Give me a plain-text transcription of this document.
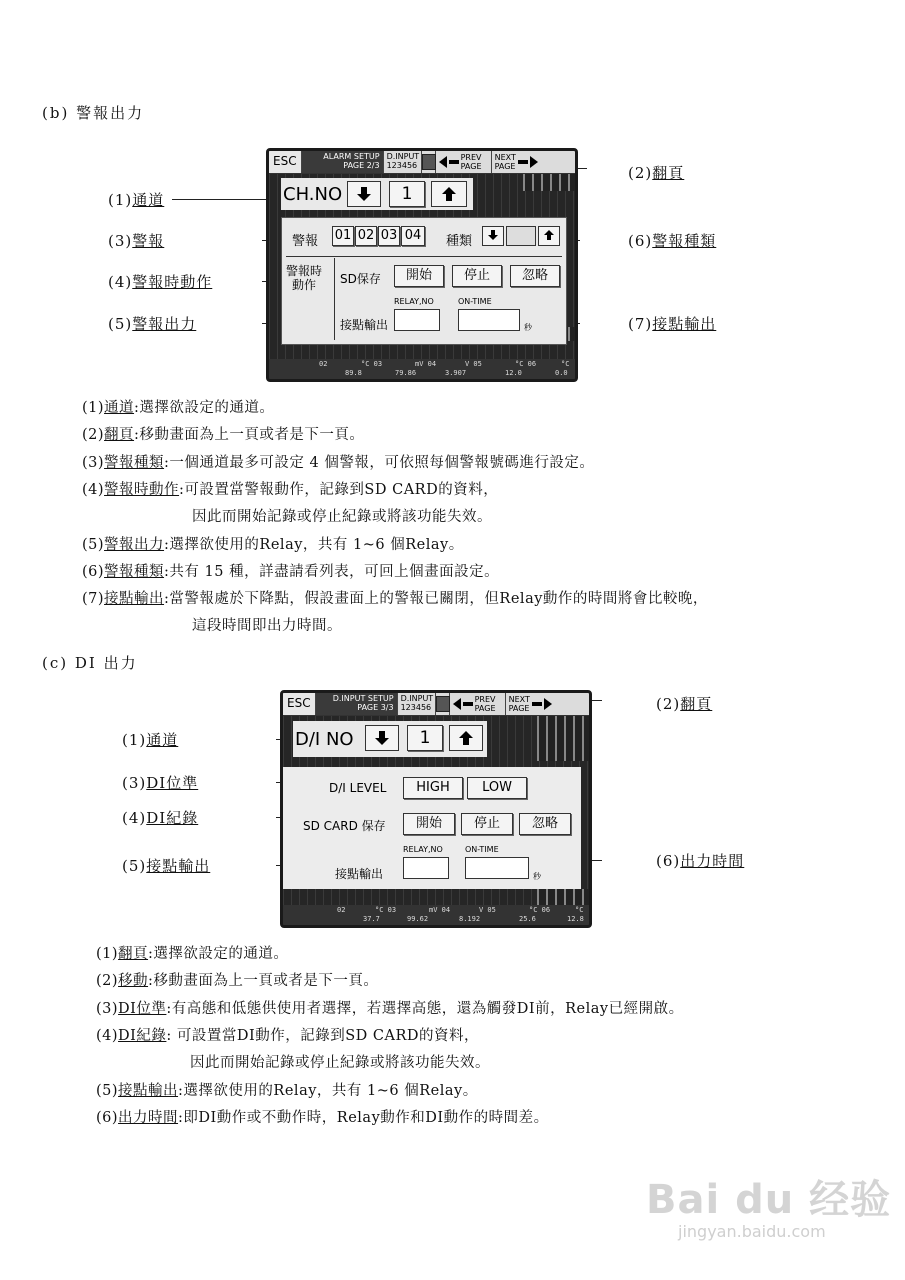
(b) 警報出力
(1)通道
(3)警報
(4)警報時動作
(5)警報出力
(2)翻頁
(6)警報種類
(7)接點輸出
ESC	ALARM SETUP
PAGE 2/3
D.INPUT
123456
PREV
PAGE
NEXT
PAGE
CH.NO	1
警報 01 02 03 04 種類
警報時
動作	SD保存	開始	停止	忽略
RELAY,NO	ON-TIME
接點輸出	秒
02	°C 03	mV 04	V 05	°C 06	°C
89.8	79.86	3.907	12.0	0.0
(1)通道:選擇欲設定的通道。
(2)翻頁:移動畫面為上一頁或者是下一頁。
(3)警報種類:一個通道最多可設定 4 個警報，可依照每個警報號碼進行設定。
(4)警報時動作:可設置當警報動作，記錄到SD CARD的資料，
因此而開始記錄或停止紀錄或將該功能失效。
(5)警報出力:選擇欲使用的Relay，共有 1~6 個Relay。
(6)警報種類:共有 15 種，詳盡請看列表，可回上個畫面設定。
(7)接點輸出:當警報處於下降點，假設畫面上的警報已關閉，但Relay動作的時間將會比較晚，
這段時間即出力時間。
(c) DI 出力
(1)通道
(3)DI位準
(4)DI紀錄
(5)接點輸出
(2)翻頁
(6)出力時間
ESC	D.INPUT SETUP
PAGE 3/3
D.INPUT
123456
PREV
PAGE
NEXT
PAGE
D/I NO	1
D/I LEVEL	HIGH	LOW
SD CARD 保存	開始	停止	忽略
RELAY,NO	ON-TIME
接點輸出	秒
02	°C 03	mV 04	V 05	°C 06	°C
37.7	99.62	8.192	25.6	12.8
(1)翻頁:選擇欲設定的通道。
(2)移動:移動畫面為上一頁或者是下一頁。
(3)DI位準:有高態和低態供使用者選擇，若選擇高態，還為觸發DI前，Relay已經開啟。
(4)DI紀錄: 可設置當DI動作，記錄到SD CARD的資料，
因此而開始記錄或停止紀錄或將該功能失效。
(5)接點輸出:選擇欲使用的Relay，共有 1~6 個Relay。
(6)出力時間:即DI動作或不動作時，Relay動作和DI動作的時間差。
Bai du 经验
jingyan.baidu.com
